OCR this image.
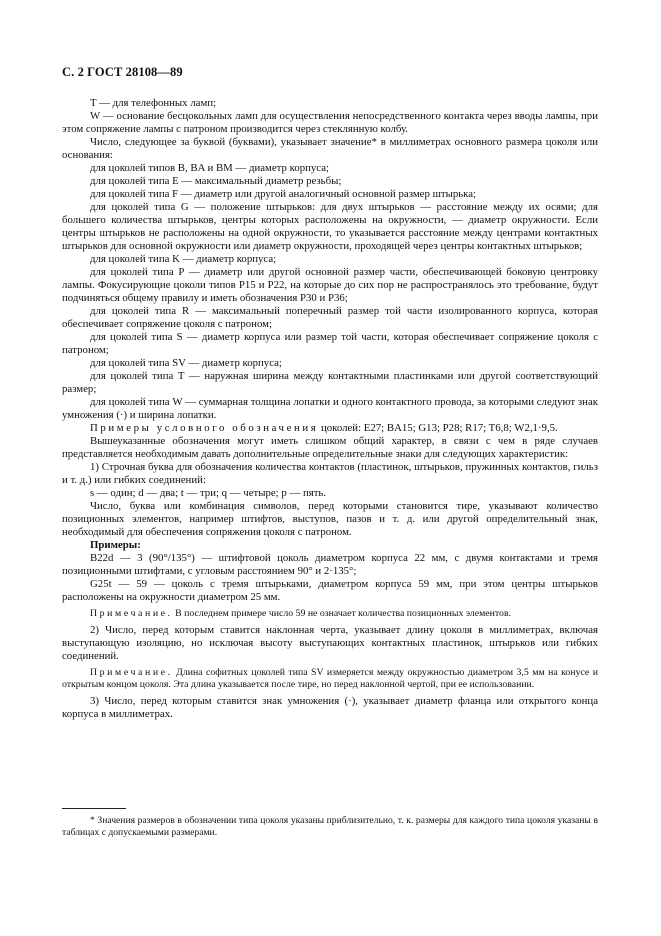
С. 2 ГОСТ 28108—89

T — для телефонных ламп;

W — основание бесцокольных ламп для осуществления непосредственного контакта через вводы лампы, при этом сопряжение лампы с патроном производится через стеклянную колбу.

Число, следующее за буквой (буквами), указывает значение* в миллиметрах основного размера цоколя или основания:

для цоколей типов B, BA и BM — диаметр корпуса;

для цоколей типа E — максимальный диаметр резьбы;

для цоколей типа F — диаметр или другой аналогичный основной размер штырька;

для цоколей типа G — положение штырьков: для двух штырьков — расстояние между их осями; для большего количества штырьков, центры которых расположены на окружности, — диаметр окружности. Если центры штырьков не расположены на одной окружности, то указывается расстояние между центрами контактных штырьков для основной окружности или диаметр окружности, проходящей через центры контактных штырьков;

для цоколей типа K — диаметр корпуса;

для цоколей типа P — диаметр или другой основной размер части, обеспечивающей боковую центровку лампы. Фокусирующие цоколи типов P15 и P22, на которые до сих пор не распространялось это требование, будут подчиняться общему правилу и иметь обозначения P30 и P36;

для цоколей типа R — максимальный поперечный размер той части изолированного корпуса, которая обеспечивает сопряжение цоколя с патроном;

для цоколей типа S — диаметр корпуса или размер той части, которая обеспечивает сопряжение цоколя с патроном;

для цоколей типа SV — диаметр корпуса;

для цоколей типа T — наружная ширина между контактными пластинками или другой соответствующий размер;

для цоколей типа W — суммарная толщина лопатки и одного контактного провода, за которыми следуют знак умножения (·) и ширина лопатки.

Примеры условного обозначения цоколей: E27; BA15; G13; P28; R17; T6,8; W2,1·9,5.

Вышеуказанные обозначения могут иметь слишком общий характер, в связи с чем в ряде случаев представляется необходимым давать дополнительные определительные знаки для следующих характеристик:

1) Строчная буква для обозначения количества контактов (пластинок, штырьков, пружинных контактов, гильз и т. д.) или гибких соединений:

s — один; d — два; t — три; q — четыре; p — пять.

Число, буква или комбинация символов, перед которыми становится тире, указывают количество позиционных элементов, например штифтов, выступов, пазов и т. д. или другой определительный знак, необходимый для обеспечения сопряжения цоколя с патроном.

Примеры:

B22d — 3 (90°/135°) — штифтовой цоколь диаметром корпуса 22 мм, с двумя контактами и тремя позиционными штифтами, с угловым расстоянием 90° и 2·135°;

G25t — 59 — цоколь с тремя штырьками, диаметром корпуса 59 мм, при этом центры штырьков расположены на окружности диаметром 25 мм.

Примечание. В последнем примере число 59 не означает количества позиционных элементов.

2) Число, перед которым ставится наклонная черта, указывает длину цоколя в миллиметрах, включая выступающую изоляцию, но исключая высоту выступающих контактных пластинок, штырьков или гибких соединений.

Примечание. Длина софитных цоколей типа SV измеряется между окружностью диаметром 3,5 мм на конусе и открытым концом цоколя. Эта длина указывается после тире, но перед наклонной чертой, при ее использовании.

3) Число, перед которым ставится знак умножения (·), указывает диаметр фланца или открытого конца корпуса в миллиметрах.

* Значения размеров в обозначении типа цоколя указаны приблизительно, т. к. размеры для каждого типа цоколя указаны в таблицах с допускаемыми размерами.
